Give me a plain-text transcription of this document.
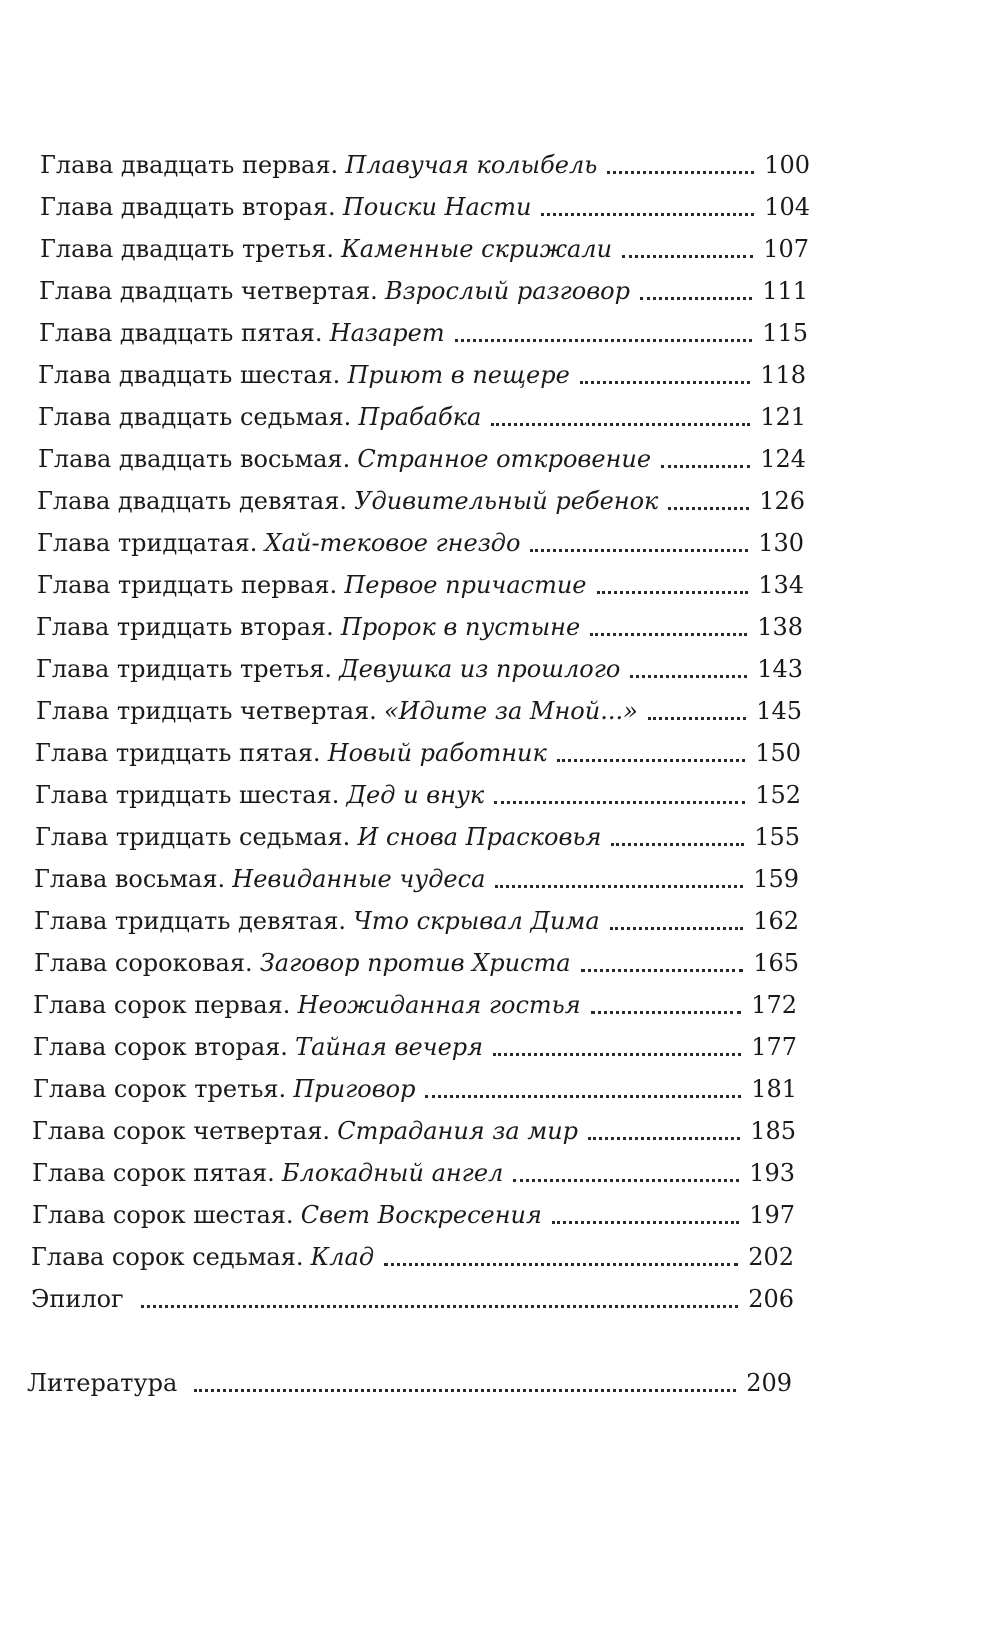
Глава двадцать первая. Плавучая колыбель	100
Глава двадцать вторая. Поиски Насти	104
Глава двадцать третья. Каменные скрижали	107
Глава двадцать четвертая. Взрослый разговор	111
Глава двадцать пятая. Назарет	115
Глава двадцать шестая. Приют в пещере	118
Глава двадцать седьмая. Прабабка	121
Глава двадцать восьмая. Странное откровение	124
Глава двадцать девятая. Удивительный ребенок	126
Глава тридцатая. Хай-тековое гнездо	130
Глава тридцать первая. Первое причастие	134
Глава тридцать вторая. Пророк в пустыне	138
Глава тридцать третья. Девушка из прошлого	143
Глава тридцать четвертая. «Идите за Мной...»	145
Глава тридцать пятая. Новый работник	150
Глава тридцать шестая. Дед и внук	152
Глава тридцать седьмая. И снова Прасковья	155
Глава восьмая. Невиданные чудеса	159
Глава тридцать девятая. Что скрывал Дима	162
Глава сороковая. Заговор против Христа	165
Глава сорок первая. Неожиданная гостья	172
Глава сорок вторая. Тайная вечеря	177
Глава сорок третья. Приговор	181
Глава сорок четвертая. Страдания за мир	185
Глава сорок пятая. Блокадный ангел	193
Глава сорок шестая. Свет Воскресения	197
Глава сорок седьмая. Клад	202
Эпилог	206
Литература	209
